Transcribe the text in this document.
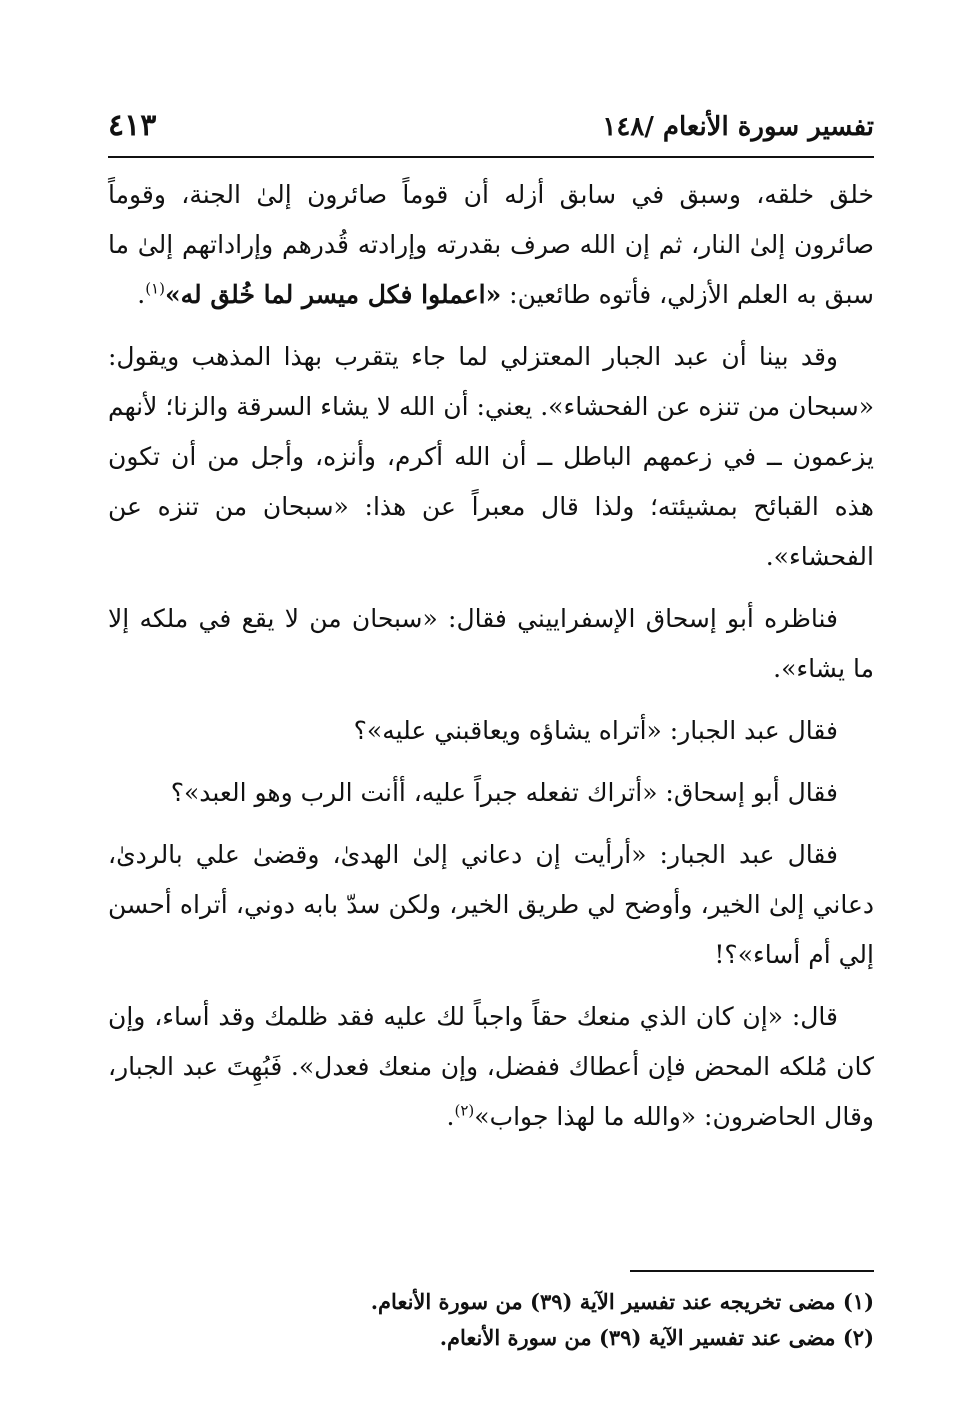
تفسير سورة الأنعام /١٤٨
٤١٣

خلق خلقه، وسبق في سابق أزله أن قوماً صائرون إلىٰ الجنة، وقوماً صائرون إلىٰ النار، ثم إن الله صرف بقدرته وإرادته قُدرهم وإراداتهم إلىٰ ما سبق به العلم الأزلي، فأتوه طائعين: «اعملوا فكل ميسر لما خُلق له»$^{(١)}$.

وقد بينا أن عبد الجبار المعتزلي لما جاء يتقرب بهذا المذهب ويقول: «سبحان من تنزه عن الفحشاء». يعني: أن الله لا يشاء السرقة والزنا؛ لأنهم يزعمون ــ في زعمهم الباطل ــ أن الله أكرم، وأنزه، وأجل من أن تكون هذه القبائح بمشيئته؛ ولذا قال معبراً عن هذا: «سبحان من تنزه عن الفحشاء».

فناظره أبو إسحاق الإسفراييني فقال: «سبحان من لا يقع في ملكه إلا ما يشاء».

فقال عبد الجبار: «أتراه يشاؤه ويعاقبني عليه»؟

فقال أبو إسحاق: «أتراك تفعله جبراً عليه، أأنت الرب وهو العبد»؟

فقال عبد الجبار: «أرأيت إن دعاني إلىٰ الهدىٰ، وقضىٰ علي بالردىٰ، دعاني إلىٰ الخير، وأوضح لي طريق الخير، ولكن سدّ بابه دوني، أتراه أحسن إلي أم أساء»؟!

قال: «إن كان الذي منعك حقاً واجباً لك عليه فقد ظلمك وقد أساء، وإن كان مُلكه المحض فإن أعطاك ففضل، وإن منعك فعدل». فَبُهِتَ عبد الجبار، وقال الحاضرون: «والله ما لهذا جواب»$^{(٢)}$.

(١) مضى تخريجه عند تفسير الآية (٣٩) من سورة الأنعام.

(٢) مضى عند تفسير الآية (٣٩) من سورة الأنعام.
